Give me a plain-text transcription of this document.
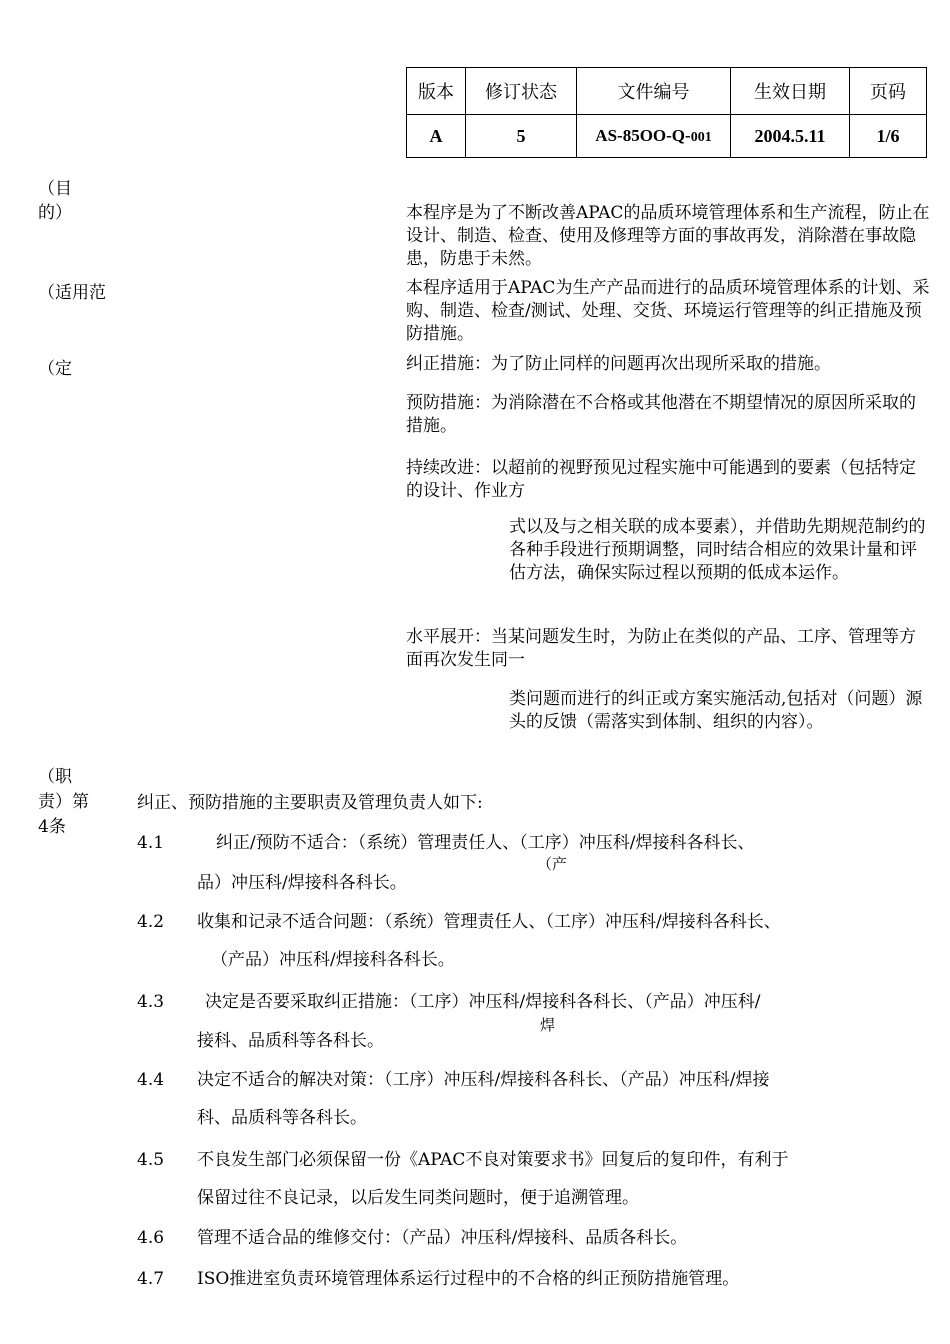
版本	修订状态	文件编号	生效日期	页码
A	5	AS-85OO-Q-001	2004.5.11	1/6
（目
的）
（适用范
（定
（职
责）第
4条
本程序是为了不断改善APAC的品质环境管理体系和生产流程，防止在设计、制造、检查、使用及修理等方面的事故再发，消除潜在事故隐患，防患于未然。
本程序适用于APAC为生产产品而进行的品质环境管理体系的计划、采购、制造、检查/测试、处理、交货、环境运行管理等的纠正措施及预防措施。
纠正措施：为了防止同样的问题再次出现所采取的措施。
预防措施：为消除潜在不合格或其他潜在不期望情况的原因所采取的措施。
持续改进：以超前的视野预见过程实施中可能遇到的要素（包括特定的设计、作业方
式以及与之相关联的成本要素），并借助先期规范制约的各种手段进行预期调整，同时结合相应的效果计量和评估方法，确保实际过程以预期的低成本运作。
水平展开：当某问题发生时，为防止在类似的产品、工序、管理等方面再次发生同一
类问题而进行的纠正或方案实施活动,包括对（问题）源头的反馈（需落实到体制、组织的内容）。
纠正、预防措施的主要职责及管理负责人如下:
4.1	纠正/预防不适合：（系统）管理责任人、（工序）冲压科/焊接科各科长、
（产
品）冲压科/焊接科各科长。
4.2 收集和记录不适合问题：（系统）管理责任人、（工序）冲压科/焊接科各科长、
（产品）冲压科/焊接科各科长。
4.3 决定是否要采取纠正措施：（工序）冲压科/焊接科各科长、（产品）冲压科/
焊
接科、品质科等各科长。
4.4 决定不适合的解决对策：（工序）冲压科/焊接科各科长、（产品）冲压科/焊接
科、品质科等各科长。
4.5 不良发生部门必须保留一份《APAC不良对策要求书》回复后的复印件，有利于
保留过往不良记录，以后发生同类问题时，便于追溯管理。
4.6 管理不适合品的维修交付：（产品）冲压科/焊接科、品质各科长。
4.7 ISO推进室负责环境管理体系运行过程中的不合格的纠正预防措施管理。
